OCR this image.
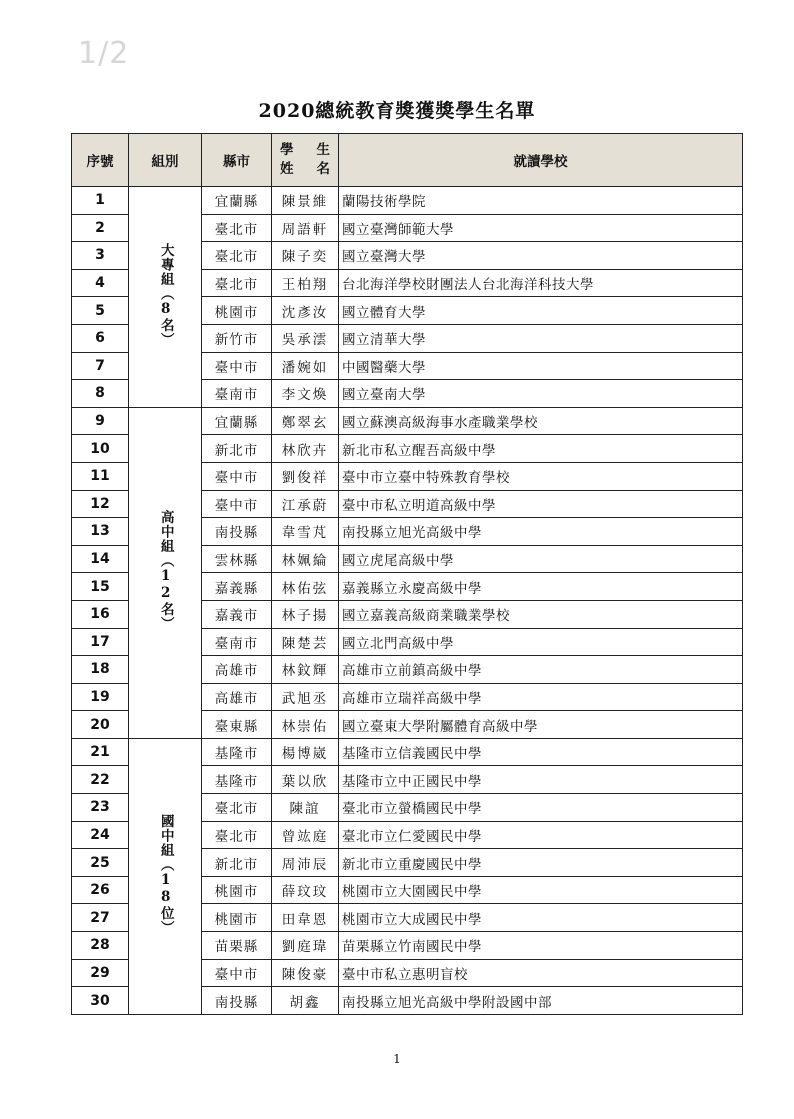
1/2
2020總統教育獎獲獎學生名單
序號	組別	縣市	學 生
姓 名	就讀學校
1	大專組（8名）	宜蘭縣	陳景維	蘭陽技術學院
2		臺北市	周語軒	國立臺灣師範大學
3		臺北市	陳子奕	國立臺灣大學
4		臺北市	王柏翔	台北海洋學校財團法人台北海洋科技大學
5		桃園市	沈彥汝	國立體育大學
6		新竹市	吳承澐	國立清華大學
7		臺中市	潘婉如	中國醫藥大學
8		臺南市	李文煥	國立臺南大學
9	高中組（12名）	宜蘭縣	鄭翠玄	國立蘇澳高級海事水產職業學校
10		新北市	林欣卉	新北市私立醒吾高級中學
11		臺中市	劉俊祥	臺中市立臺中特殊教育學校
12		臺中市	江承蔚	臺中市私立明道高級中學
13		南投縣	韋雪芃	南投縣立旭光高級中學
14		雲林縣	林姵綸	國立虎尾高級中學
15		嘉義縣	林佑弦	嘉義縣立永慶高級中學
16		嘉義市	林子揚	國立嘉義高級商業職業學校
17		臺南市	陳楚芸	國立北門高級中學
18		高雄市	林鈫輝	高雄市立前鎮高級中學
19		高雄市	武旭丞	高雄市立瑞祥高級中學
20		臺東縣	林崇佑	國立臺東大學附屬體育高級中學
21	國中組（18位）	基隆市	楊博崴	基隆市立信義國民中學
22		基隆市	葉以欣	基隆市立中正國民中學
23		臺北市	陳誼	臺北市立螢橋國民中學
24		臺北市	曾竑庭	臺北市立仁愛國民中學
25		新北市	周沛辰	新北市立重慶國民中學
26		桃園市	薛玟玟	桃園市立大園國民中學
27		桃園市	田韋恩	桃園市立大成國民中學
28		苗栗縣	劉庭瑋	苗栗縣立竹南國民中學
29		臺中市	陳俊豪	臺中市私立惠明盲校
30		南投縣	胡鑫	南投縣立旭光高級中學附設國中部
1
